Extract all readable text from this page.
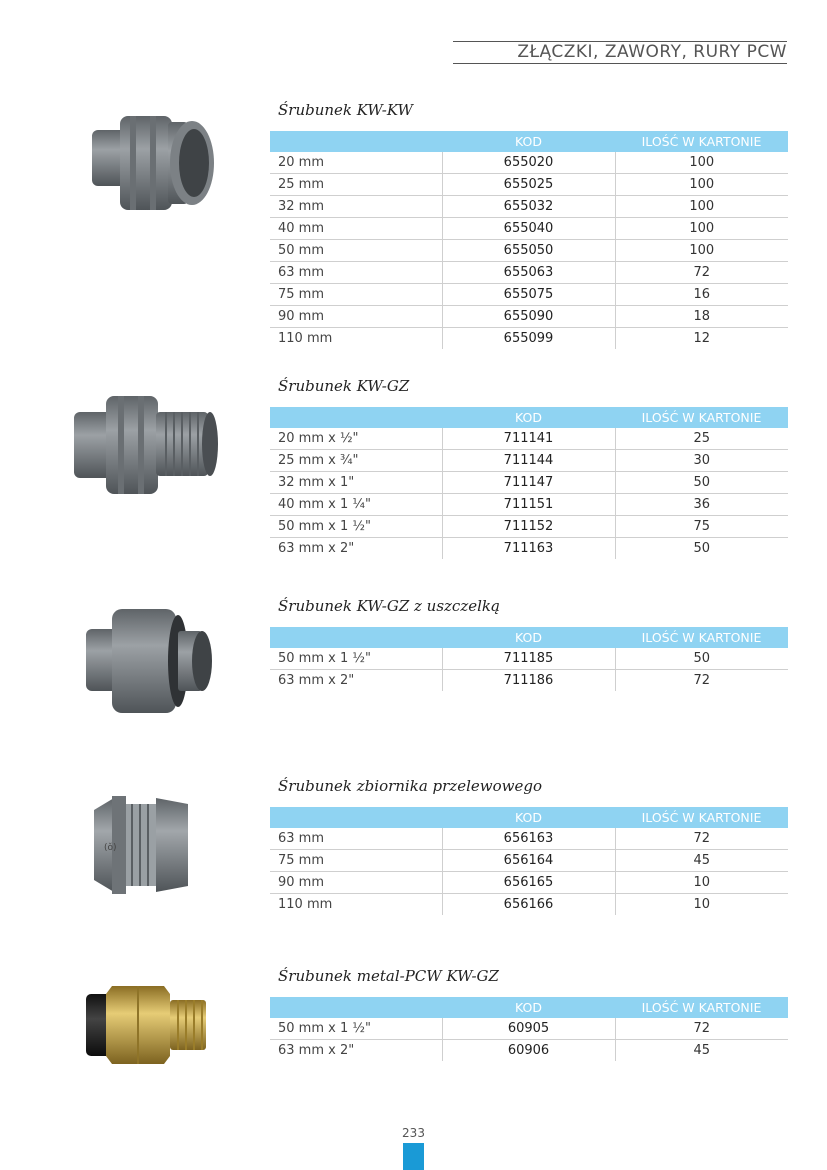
ZŁĄCZKI, ZAWORY, RURY PCW
(ǒ)
Śrubunek KW-KW
	KOD	ILOŚĆ W KARTONIE
20 mm	655020	100
25 mm	655025	100
32 mm	655032	100
40 mm	655040	100
50 mm	655050	100
63 mm	655063	72
75 mm	655075	16
90 mm	655090	18
110 mm	655099	12
Śrubunek KW-GZ
	KOD	ILOŚĆ W KARTONIE
20 mm x ½"	711141	25
25 mm x ¾"	711144	30
32 mm x 1"	711147	50
40 mm x 1 ¼"	711151	36
50 mm x 1 ½"	711152	75
63 mm x 2"	711163	50
Śrubunek KW-GZ z uszczelką
	KOD	ILOŚĆ W KARTONIE
50 mm x 1 ½"	711185	50
63 mm x 2"	711186	72
Śrubunek zbiornika przelewowego
	KOD	ILOŚĆ W KARTONIE
63 mm	656163	72
75 mm	656164	45
90 mm	656165	10
110 mm	656166	10
Śrubunek metal-PCW KW-GZ
	KOD	ILOŚĆ W KARTONIE
50 mm x 1 ½"	60905	72
63 mm x 2"	60906	45
233
